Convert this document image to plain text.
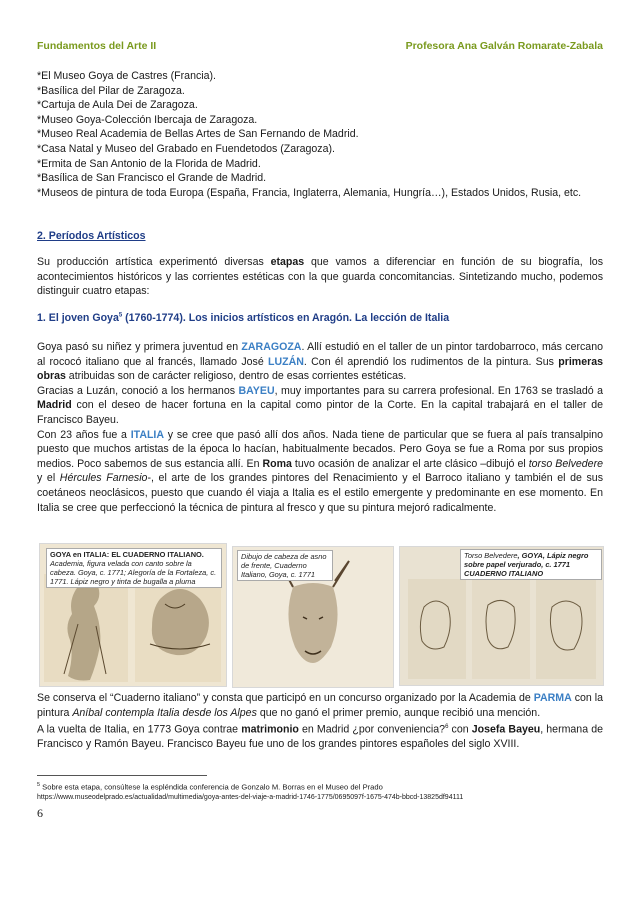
Fundamentos del Arte II	Profesora Ana Galván Romarate-Zabala
*El Museo Goya de Castres (Francia).
*Basílica del Pilar de Zaragoza.
*Cartuja de Aula Dei de Zaragoza.
*Museo Goya-Colección Ibercaja de Zaragoza.
*Museo Real Academia de Bellas Artes de San Fernando de Madrid.
*Casa Natal y Museo del Grabado en Fuendetodos (Zaragoza).
*Ermita de San Antonio de la Florida de Madrid.
*Basílica de San Francisco el Grande de Madrid.
*Museos de pintura de toda Europa (España, Francia, Inglaterra, Alemania, Hungría…), Estados Unidos, Rusia, etc.
2. Períodos Artísticos

Su producción artística experimentó diversas etapas que vamos a diferenciar en función de su biografía, los acontecimientos históricos y las corrientes estéticas con la que guarda concomitancias. Sintetizando mucho, podemos distinguir cuatro etapas:

1. El joven Goya$^5$ (1760-1774). Los inicios artísticos en Aragón. La lección de Italia

Goya pasó su niñez y primera juventud en ZARAGOZA. Allí estudió en el taller de un pintor tardobarroco, más cercano al rococó italiano que al francés, llamado José LUZÁN. Con él aprendió los rudimentos de la pintura. Sus primeras obras atribuidas son de carácter religioso, dentro de esas corrientes estéticas.

Gracias a Luzán, conoció a los hermanos BAYEU, muy importantes para su carrera profesional. En 1763 se trasladó a Madrid con el deseo de hacer fortuna en la capital como pintor de la Corte. En la capital trabajará en el taller de Francisco Bayeu.

Con 23 años fue a ITALIA y se cree que pasó allí dos años. Nada tiene de particular que se fuera al país transalpino puesto que muchos artistas de la época lo hacían, habitualmente becados. Pero Goya se fue a Roma por sus propios medios. Poco sabemos de sus estancia allí. En Roma tuvo ocasión de analizar el arte clásico –dibujó el torso Belvedere y el Hércules Farnesio-, el arte de los grandes pintores del Renacimiento y el Barroco italiano y también el de sus coetáneos neoclásicos, puesto que cuando él viaja a Italia es el estilo emergente y predominante en ese momento. En Italia se cree que perfeccionó la técnica de pintura al fresco y que su pintura mejoró radicalmente.

GOYA en ITALIA: EL CUADERNO ITALIANO.
Academia, figura velada con canto sobre la cabeza. Goya, c. 1771; Alegoría de la Fortaleza, c. 1771. Lápiz negro y tinta de bugalla a pluma
Dibujo de cabeza de asno de frente, Cuaderno Italiano, Goya, c. 1771
Torso Belvedere, GOYA, Lápiz negro sobre papel verjurado, c. 1771 CUADERNO ITALIANO

Se conserva el “Cuaderno italiano” y consta que participó en un concurso organizado por la Academia de PARMA con la pintura Aníbal contempla Italia desde los Alpes que no ganó el primer premio, aunque recibió una mención.

A la vuelta de Italia, en 1773 Goya contrae matrimonio en Madrid ¿por conveniencia?$^6$ con Josefa Bayeu, hermana de Francisco y Ramón Bayeu. Francisco Bayeu fue uno de los grandes pintores españoles del siglo XVIII.

$^5$ Sobre esta etapa, consúltese la espléndida conferencia de Gonzalo M. Borras en el Museo del Prado
https://www.museodelprado.es/actualidad/multimedia/goya-antes-del-viaje-a-madrid-1746-1775/0695097f-1675-474b-bbcd-13825df94111
6
